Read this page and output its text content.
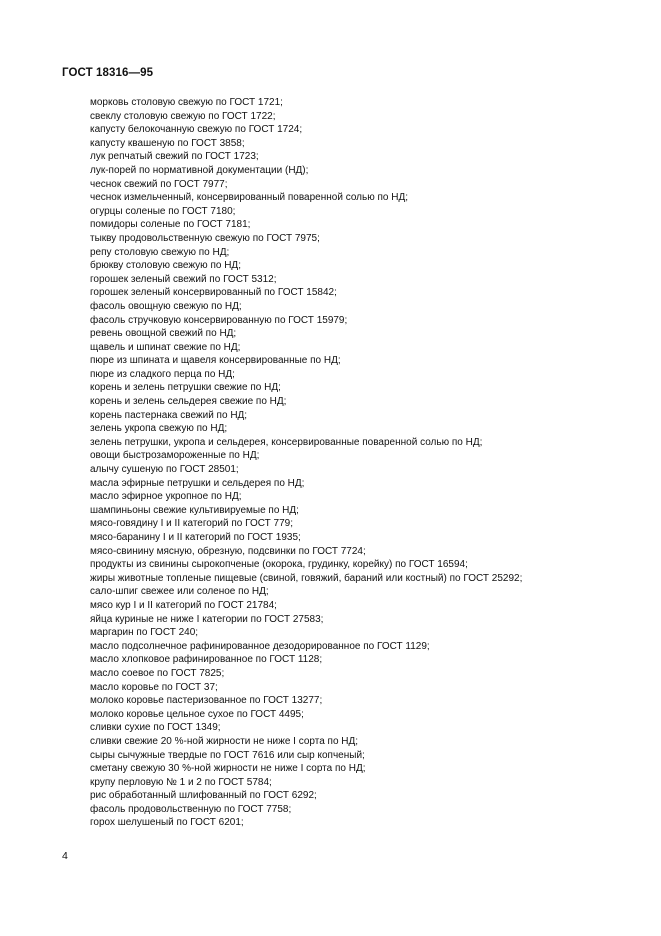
ГОСТ 18316—95
морковь столовую свежую по ГОСТ 1721;
свеклу столовую свежую по ГОСТ 1722;
капусту белокочанную свежую по ГОСТ 1724;
капусту квашеную по ГОСТ 3858;
лук репчатый свежий по ГОСТ 1723;
лук-порей по нормативной документации (НД);
чеснок свежий по ГОСТ 7977;
чеснок измельченный, консервированный поваренной солью по НД;
огурцы соленые по ГОСТ 7180;
помидоры соленые по ГОСТ 7181;
тыкву продовольственную свежую по ГОСТ 7975;
репу столовую свежую по НД;
брюкву столовую свежую по НД;
горошек зеленый свежий по ГОСТ 5312;
горошек зеленый консервированный по ГОСТ 15842;
фасоль овощную свежую по НД;
фасоль стручковую консервированную по ГОСТ 15979;
ревень овощной свежий по НД;
щавель и шпинат свежие по НД;
пюре из шпината и щавеля консервированные по НД;
пюре из сладкого перца по НД;
корень и зелень петрушки свежие по НД;
корень и зелень сельдерея свежие по НД;
корень пастернака свежий по НД;
зелень укропа свежую по НД;
зелень петрушки, укропа и сельдерея, консервированные поваренной солью по НД;
овощи быстрозамороженные по НД;
алычу сушеную по ГОСТ 28501;
масла эфирные петрушки и сельдерея по НД;
масло эфирное укропное по НД;
шампиньоны свежие культивируемые по НД;
мясо-говядину I и II категорий по ГОСТ 779;
мясо-баранину I и II категорий по ГОСТ 1935;
мясо-свинину мясную, обрезную, подсвинки по ГОСТ 7724;
продукты из свинины сырокопченые (окорока, грудинку, корейку) по ГОСТ 16594;
жиры животные топленые пищевые (свиной, говяжий, бараний или костный) по ГОСТ 25292;
сало-шпиг свежее или соленое по НД;
мясо кур I и II категорий по ГОСТ 21784;
яйца куриные не ниже I категории по ГОСТ 27583;
маргарин по ГОСТ 240;
масло подсолнечное рафинированное дезодорированное по ГОСТ 1129;
масло хлопковое рафинированное по ГОСТ 1128;
масло соевое по ГОСТ 7825;
масло коровье по ГОСТ 37;
молоко коровье пастеризованное по ГОСТ 13277;
молоко коровье цельное сухое по ГОСТ 4495;
сливки сухие по ГОСТ 1349;
сливки свежие 20 %-ной жирности не ниже I сорта по НД;
сыры сычужные твердые по ГОСТ 7616 или сыр копченый;
сметану свежую 30 %-ной жирности не ниже I сорта по НД;
крупу перловую № 1 и 2 по ГОСТ 5784;
рис обработанный шлифованный по ГОСТ 6292;
фасоль продовольственную по ГОСТ 7758;
горох шелушеный по ГОСТ 6201;
4
